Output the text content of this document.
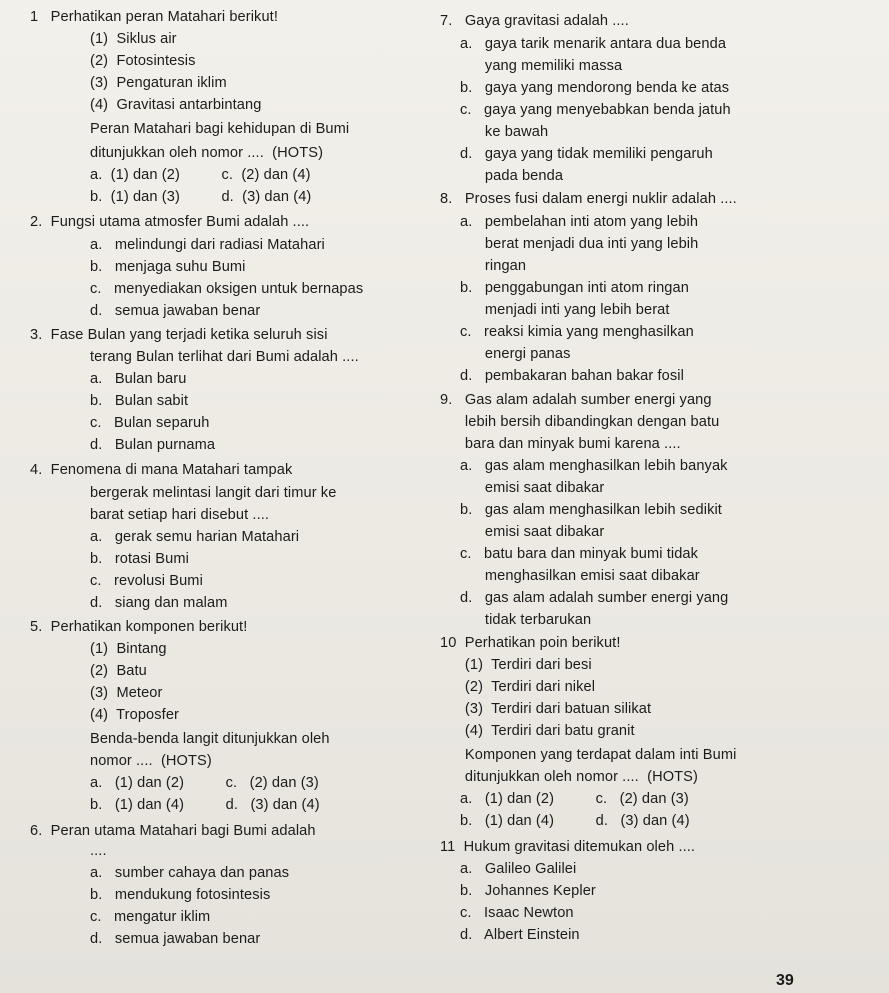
1   Perhatikan peran Matahari berikut!
(1)  Siklus air
(2)  Fotosintesis
(3)  Pengaturan iklim
(4)  Gravitasi antarbintang
Peran Matahari bagi kehidupan di Bumi
ditunjukkan oleh nomor ....  (HOTS)
a.  (1) dan (2)          c.  (2) dan (4)
b.  (1) dan (3)          d.  (3) dan (4)
2.  Fungsi utama atmosfer Bumi adalah ....
a.   melindungi dari radiasi Matahari
b.   menjaga suhu Bumi
c.   menyediakan oksigen untuk bernapas
d.   semua jawaban benar
3.  Fase Bulan yang terjadi ketika seluruh sisi
terang Bulan terlihat dari Bumi adalah ....
a.   Bulan baru
b.   Bulan sabit
c.   Bulan separuh
d.   Bulan purnama
4.  Fenomena di mana Matahari tampak
bergerak melintasi langit dari timur ke
barat setiap hari disebut ....
a.   gerak semu harian Matahari
b.   rotasi Bumi
c.   revolusi Bumi
d.   siang dan malam
5.  Perhatikan komponen berikut!
(1)  Bintang
(2)  Batu
(3)  Meteor
(4)  Troposfer
Benda-benda langit ditunjukkan oleh
nomor ....  (HOTS)
a.   (1) dan (2)          c.   (2) dan (3)
b.   (1) dan (4)          d.   (3) dan (4)
6.  Peran utama Matahari bagi Bumi adalah
....
a.   sumber cahaya dan panas
b.   mendukung fotosintesis
c.   mengatur iklim
d.   semua jawaban benar
7.   Gaya gravitasi adalah ....
a.   gaya tarik menarik antara dua benda
yang memiliki massa
b.   gaya yang mendorong benda ke atas
c.   gaya yang menyebabkan benda jatuh
ke bawah
d.   gaya yang tidak memiliki pengaruh
pada benda
8.   Proses fusi dalam energi nuklir adalah ....
a.   pembelahan inti atom yang lebih
berat menjadi dua inti yang lebih
ringan
b.   penggabungan inti atom ringan
menjadi inti yang lebih berat
c.   reaksi kimia yang menghasilkan
energi panas
d.   pembakaran bahan bakar fosil
9.   Gas alam adalah sumber energi yang
lebih bersih dibandingkan dengan batu
bara dan minyak bumi karena ....
a.   gas alam menghasilkan lebih banyak
emisi saat dibakar
b.   gas alam menghasilkan lebih sedikit
emisi saat dibakar
c.   batu bara dan minyak bumi tidak
menghasilkan emisi saat dibakar
d.   gas alam adalah sumber energi yang
tidak terbarukan
10  Perhatikan poin berikut!
(1)  Terdiri dari besi
(2)  Terdiri dari nikel
(3)  Terdiri dari batuan silikat
(4)  Terdiri dari batu granit
Komponen yang terdapat dalam inti Bumi
ditunjukkan oleh nomor ....  (HOTS)
a.   (1) dan (2)          c.   (2) dan (3)
b.   (1) dan (4)          d.   (3) dan (4)
11  Hukum gravitasi ditemukan oleh ....
a.   Galileo Galilei
b.   Johannes Kepler
c.   Isaac Newton
d.   Albert Einstein
39
